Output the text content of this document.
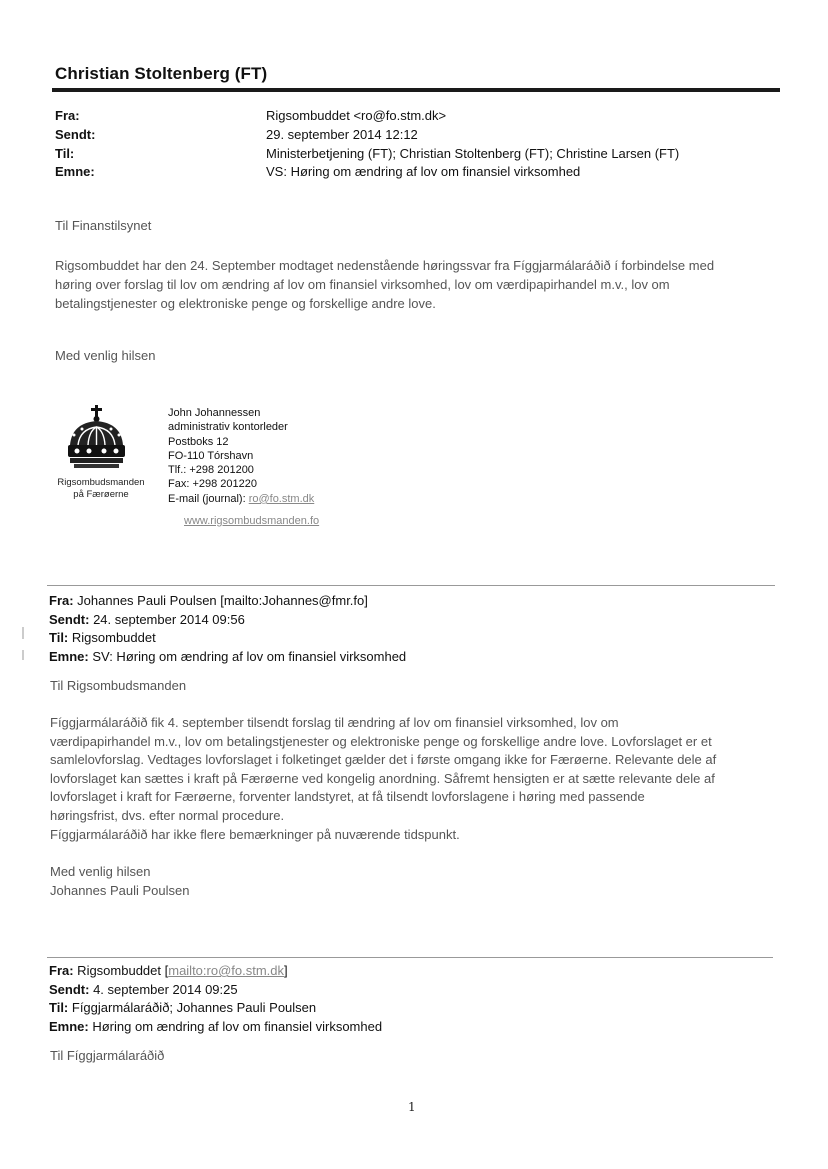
Christian Stoltenberg (FT)
Fra:	Rigsombuddet <ro@fo.stm.dk>
Sendt:	29. september 2014 12:12
Til:	Ministerbetjening (FT); Christian Stoltenberg (FT); Christine Larsen (FT)
Emne:	VS: Høring om ændring af lov om finansiel virksomhed
Til Finanstilsynet
Rigsombuddet har den 24. September modtaget nedenstående høringssvar fra Fíggjarmálaráðið í forbindelse med
høring over forslag til lov om ændring af lov om finansiel virksomhed, lov om værdipapirhandel m.v., lov om
betalingstjenester og elektroniske penge og forskellige andre love.
Med venlig hilsen
Rigsombudsmanden
på Færøerne
John Johannessen
administrativ kontorleder
Postboks 12
FO-110 Tórshavn
Tlf.: +298 201200
Fax: +298 201220
E-mail (journal): ro@fo.stm.dk
www.rigsombudsmanden.fo
Fra: Johannes Pauli Poulsen [mailto:Johannes@fmr.fo]
Sendt: 24. september 2014 09:56
Til: Rigsombuddet
Emne: SV: Høring om ændring af lov om finansiel virksomhed
Til Rigsombudsmanden
Fíggjarmálaráðið fik 4. september tilsendt forslag til ændring af lov om finansiel virksomhed, lov om
værdipapirhandel m.v., lov om betalingstjenester og elektroniske penge og forskellige andre love. Lovforslaget er et
samlelovforslag. Vedtages lovforslaget i folketinget gælder det i første omgang ikke for Færøerne. Relevante dele af
lovforslaget kan sættes i kraft på Færøerne ved kongelig anordning. Såfremt hensigten er at sætte relevante dele af
lovforslaget i kraft for Færøerne, forventer landstyret, at få tilsendt lovforslagene i høring med passende
høringsfrist, dvs. efter normal procedure.
Fíggjarmálaráðið har ikke flere bemærkninger på nuværende tidspunkt.
Med venlig hilsen
Johannes Pauli Poulsen
Fra: Rigsombuddet [mailto:ro@fo.stm.dk]
Sendt: 4. september 2014 09:25
Til: Fíggjarmálaráðið; Johannes Pauli Poulsen
Emne: Høring om ændring af lov om finansiel virksomhed
Til Fíggjarmálaráðið
1
